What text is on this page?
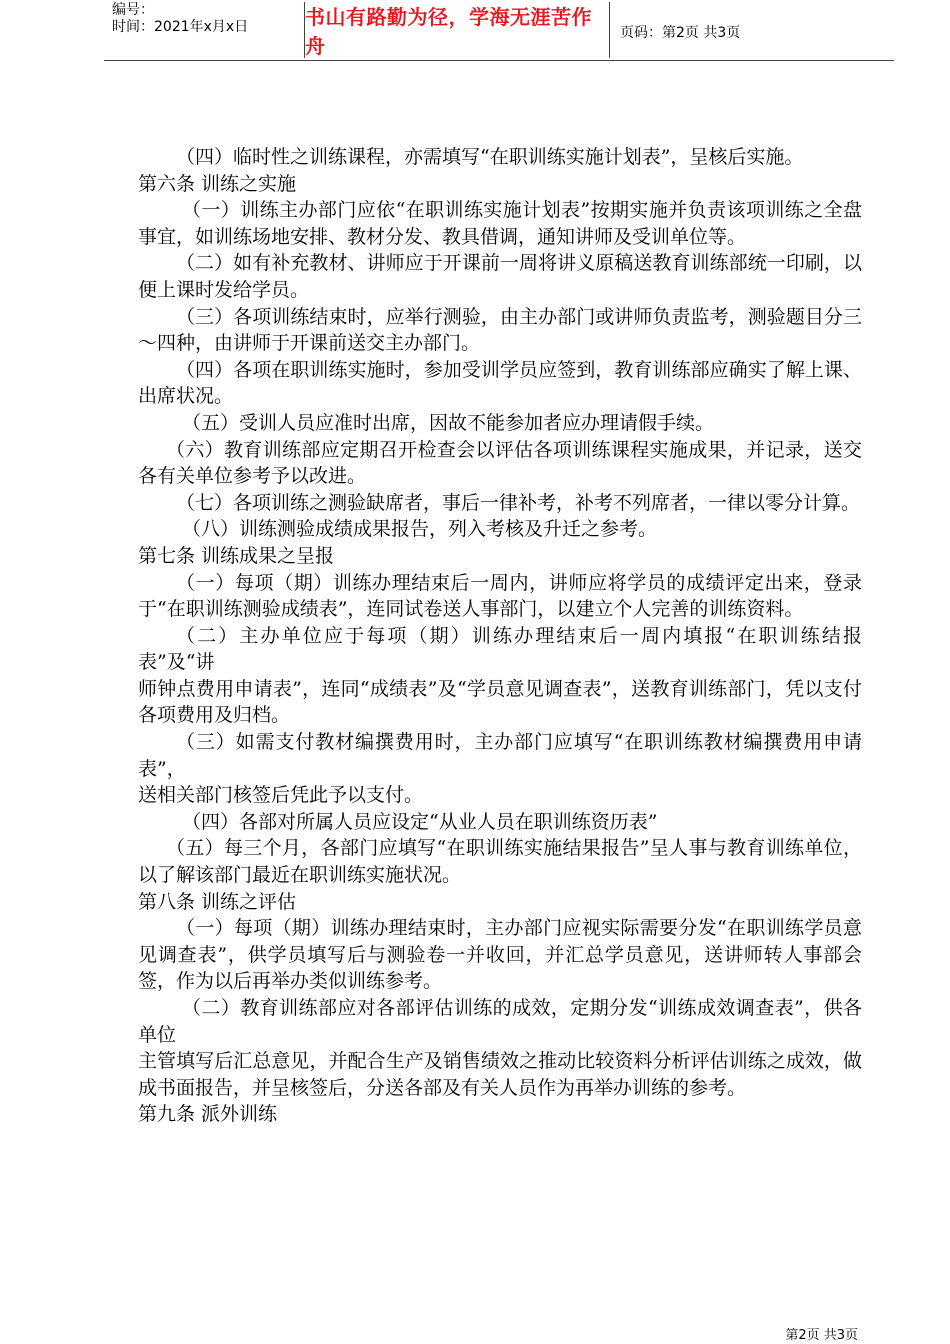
编号：
时间：2021年x月x日	书山有路勤为径，学海无涯苦作舟
页码：第2页 共3页

（四）临时性之训练课程，亦需填写“在职训练实施计划表”，呈核后实施。

第六条 训练之实施

（一）训练主办部门应依“在职训练实施计划表”按期实施并负责该项训练之全盘事宜，如训练场地安排、教材分发、教具借调，通知讲师及受训单位等。

（二）如有补充教材、讲师应于开课前一周将讲义原稿送教育训练部统一印刷，以便上课时发给学员。

（三）各项训练结束时，应举行测验，由主办部门或讲师负责监考，测验题目分三～四种，由讲师于开课前送交主办部门。

（四）各项在职训练实施时，参加受训学员应签到，教育训练部应确实了解上课、出席状况。

（五）受训人员应准时出席，因故不能参加者应办理请假手续。

（六）教育训练部应定期召开检查会以评估各项训练课程实施成果，并记录，送交各有关单位参考予以改进。

（七）各项训练之测验缺席者，事后一律补考，补考不列席者，一律以零分计算。

（八）训练测验成绩成果报告，列入考核及升迁之参考。

第七条 训练成果之呈报

（一）每项（期）训练办理结束后一周内，讲师应将学员的成绩评定出来，登录于“在职训练测验成绩表”，连同试卷送人事部门，以建立个人完善的训练资料。

（二）主办单位应于每项（期）训练办理结束后一周内填报“在职训练结报表”及“讲

师钟点费用申请表”，连同“成绩表”及“学员意见调查表”，送教育训练部门，凭以支付各项费用及归档。

（三）如需支付教材编撰费用时，主办部门应填写“在职训练教材编撰费用申请表”，

送相关部门核签后凭此予以支付。

（四）各部对所属人员应设定“从业人员在职训练资历表”

（五）每三个月，各部门应填写“在职训练实施结果报告”呈人事与教育训练单位，以了解该部门最近在职训练实施状况。

第八条 训练之评估

（一）每项（期）训练办理结束时，主办部门应视实际需要分发“在职训练学员意见调查表”，供学员填写后与测验卷一并收回，并汇总学员意见，送讲师转人事部会签，作为以后再举办类似训练参考。

（二）教育训练部应对各部评估训练的成效，定期分发“训练成效调查表”，供各单位

主管填写后汇总意见，并配合生产及销售绩效之推动比较资料分析评估训练之成效，做成书面报告，并呈核签后，分送各部及有关人员作为再举办训练的参考。

第九条 派外训练

第2页 共3页
